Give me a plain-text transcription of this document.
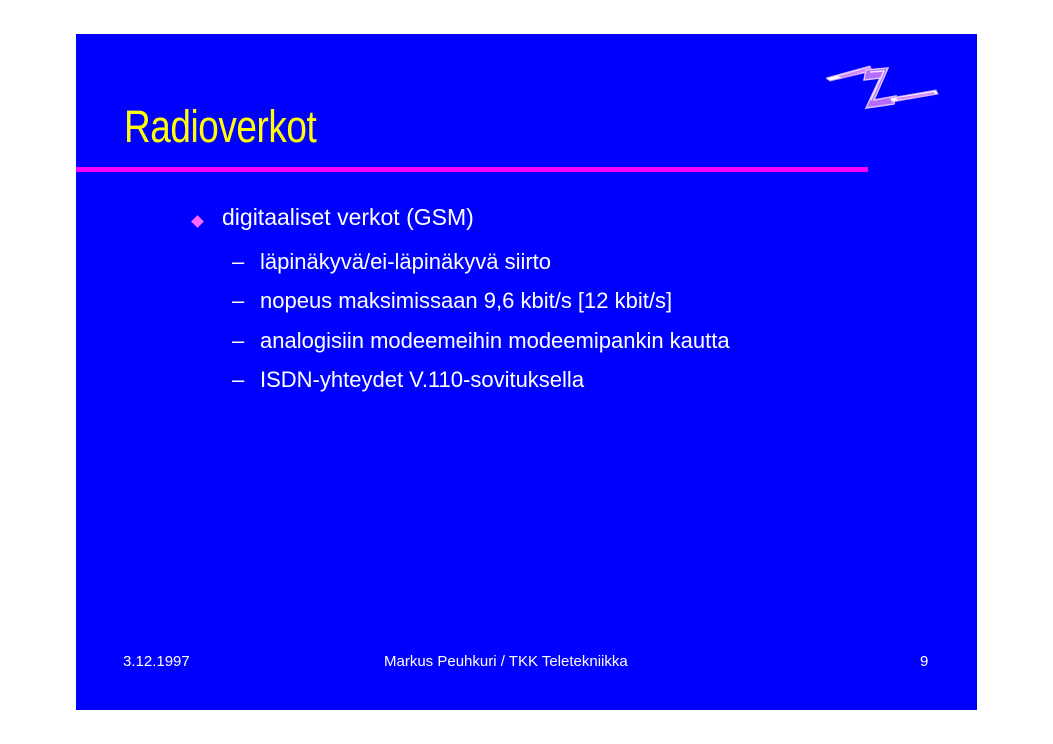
Radioverkot
digitaaliset verkot (GSM)
– läpinäkyvä/ei-läpinäkyvä siirto
– nopeus maksimissaan 9,6 kbit/s [12 kbit/s]
– analogisiin modeemeihin modeemipankin kautta
– ISDN-yhteydet V.110-sovituksella
3.12.1997	Markus Peuhkuri / TKK Teletekniikka	9
